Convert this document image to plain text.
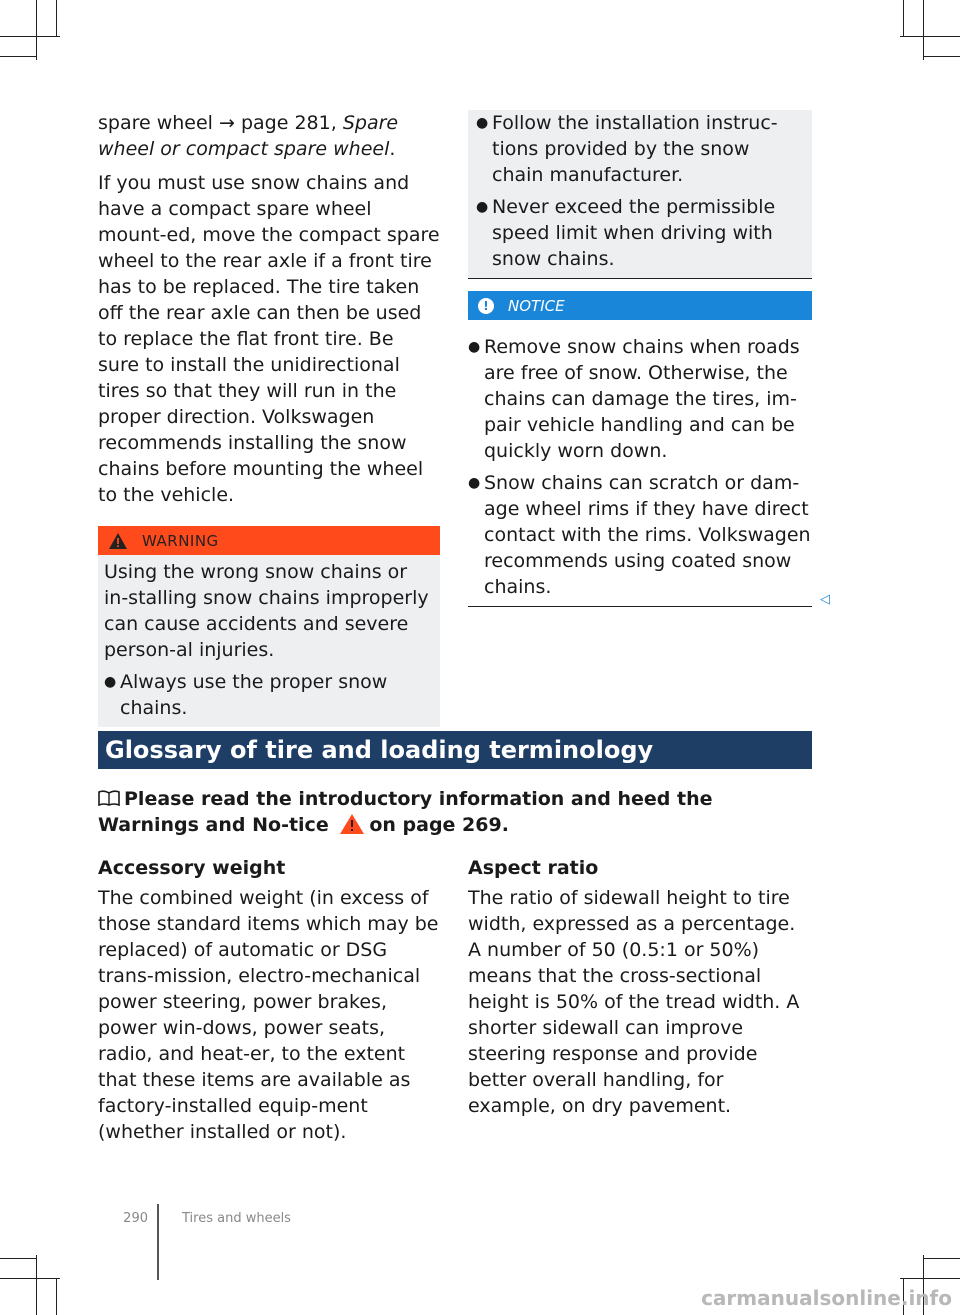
spare wheel → page 281, Spare wheel or compact spare wheel.

If you must use snow chains and have a compact spare wheel mount-ed, move the compact spare wheel to the rear axle if a front tire has to be replaced. The tire taken off the rear axle can then be used to replace the flat front tire. Be sure to install the unidirectional tires so that they will run in the proper direction. Volkswagen recommends installing the snow chains before mounting the wheel to the vehicle.

WARNING

Using the wrong snow chains or in-stalling snow chains improperly can cause accidents and severe person-al injuries.

● Always use the proper snow chains.

● Follow the installation instruc-tions provided by the snow chain manufacturer.

● Never exceed the permissible speed limit when driving with snow chains.

!	NOTICE
● Remove snow chains when roads are free of snow. Otherwise, the chains can damage the tires, im-pair vehicle handling and can be quickly worn down.

● Snow chains can scratch or dam-age wheel rims if they have direct contact with the rims. Volkswagen recommends using coated snow chains.

◁
Glossary of tire and loading terminology
Please read the introductory information and heed the Warnings and No-tice on page 269.
Accessory weight

The combined weight (in excess of those standard items which may be replaced) of automatic or DSG trans-mission, electro-mechanical power steering, power brakes, power win-dows, power seats, radio, and heat-er, to the extent that these items are available as factory-installed equip-ment (whether installed or not).

Aspect ratio

The ratio of sidewall height to tire width, expressed as a percentage. A number of 50 (0.5:1 or 50%) means that the cross-sectional height is 50% of the tread width. A shorter sidewall can improve steering response and provide better overall handling, for example, on dry pavement.

290	Tires and wheels
carmanualsonline.info
